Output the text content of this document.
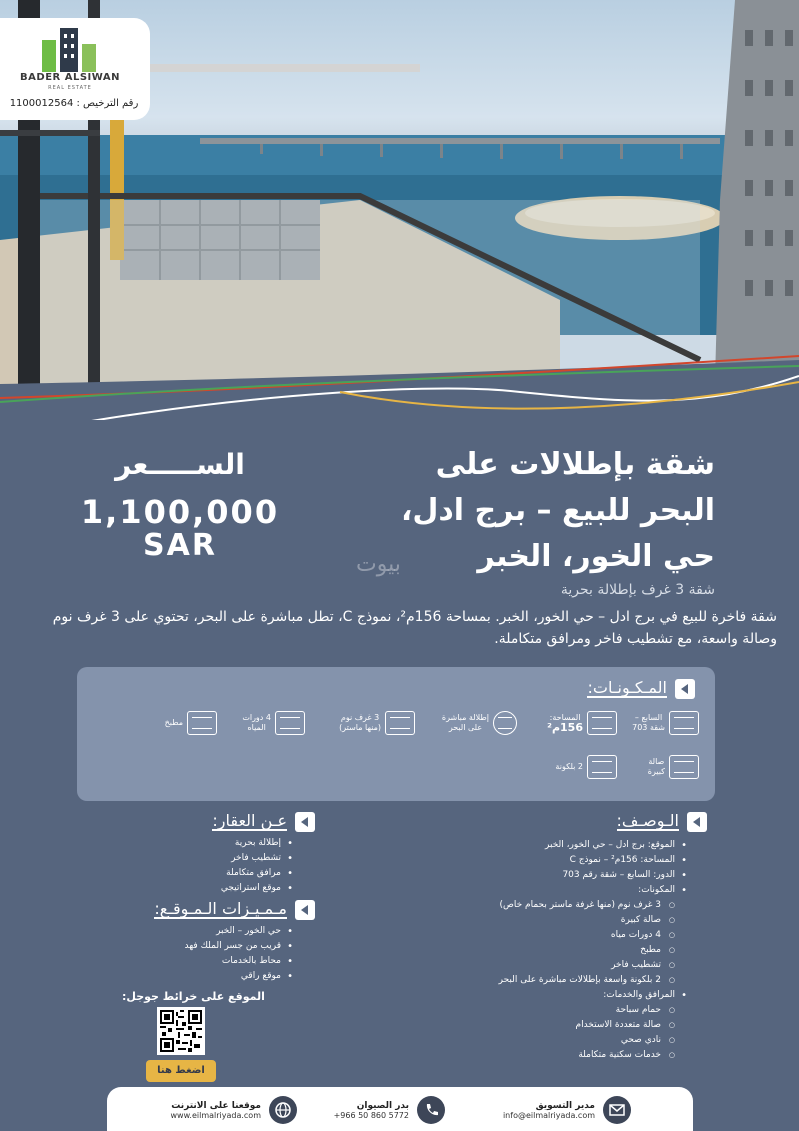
BADER ALSIWAN
REAL ESTATE
رقم الترخيص : 1100012564
شقة بإطلالات على
البحر للبيع – برج ادل،
حي الخور، الخبر
الســـــعر
1,100,000
SAR
بيوت
شقة 3 غرف بإطلالة بحرية
شقة فاخرة للبيع في برج ادل – حي الخور، الخبر. بمساحة 156م²، نموذج C، تطل مباشرة على البحر، تحتوي على 3 غرف نوم وصالة واسعة، مع تشطيب فاخر ومرافق متكاملة.
المـكـونـات:
السابع –
شقة 703
المساحة:
156م²
إطلالة مباشرة
على البحر
3 غرف نوم
(منها ماستر)
4 دورات
المياه
مطبخ
صالة
كبيرة
2 بلكونة
الـوصـف:
• الموقع: برج ادل – حي الخور، الخبر
• المساحة: 156م² – نموذج C
• الدور: السابع – شقة رقم 703
• المكونات:
○ 3 غرف نوم (منها غرفة ماستر بحمام خاص)
○ صالة كبيرة
○ 4 دورات مياه
○ مطبخ
○ تشطيب فاخر
○ 2 بلكونة واسعة بإطلالات مباشرة على البحر
• المرافق والخدمات:
○ حمام سباحة
○ صالة متعددة الاستخدام
○ نادي صحي
○ خدمات سكنية متكاملة
عـن العقار:
• إطلالة بحرية
• تشطيب فاخر
• مرافق متكاملة
• موقع استراتيجي
مـمـيـزات الـمـوقـع:
• حي الخور – الخبر
• قريب من جسر الملك فهد
• محاط بالخدمات
• موقع راقي
الموقع على خرائط جوجل:
اضغط هنا
مدير التسويق
info@eilmalriyada.com
بدر الصيوان
+966 50 860 5772
موقعنا على الانترنت
www.eilmalriyada.com
